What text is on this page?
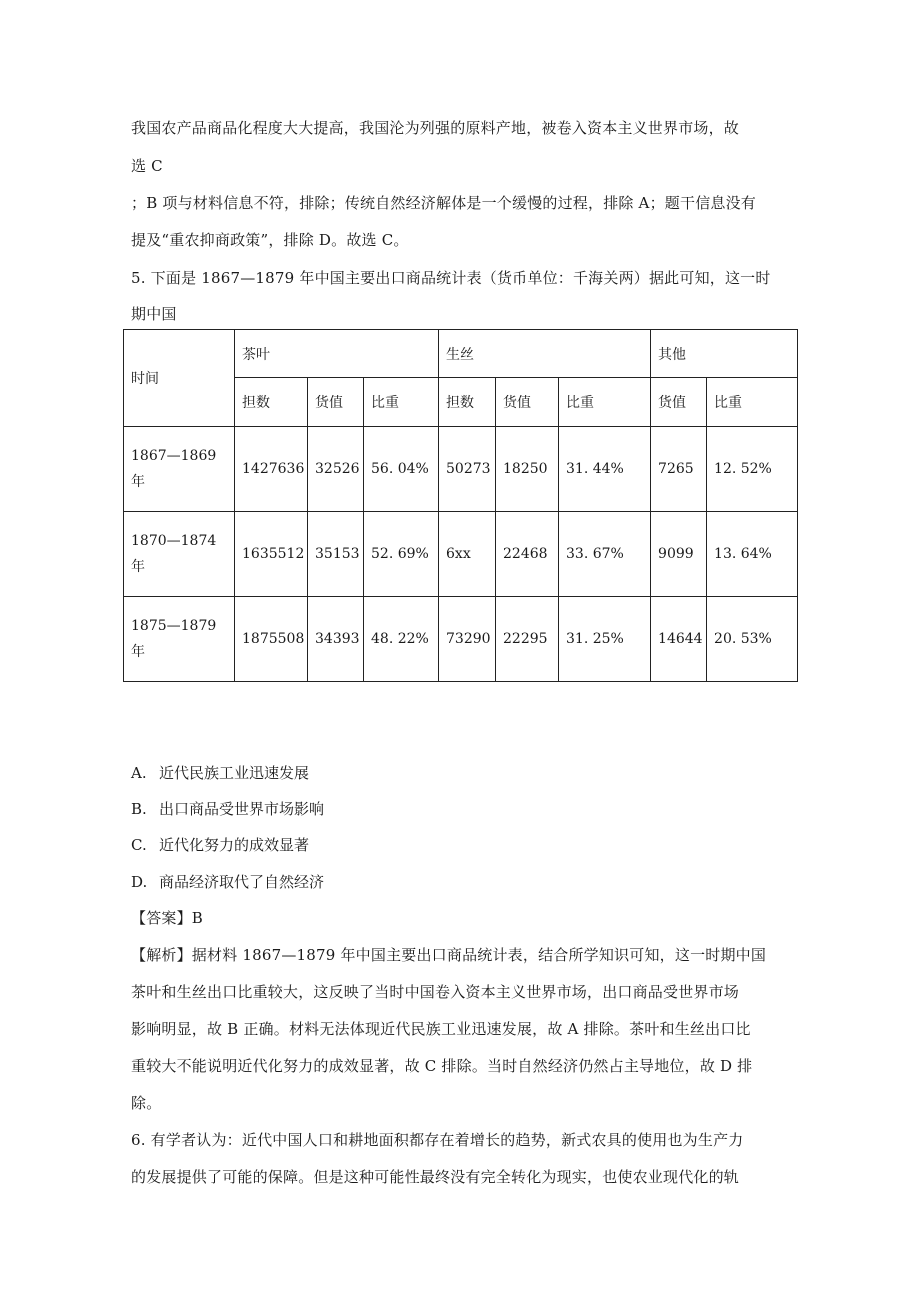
我国农产品商品化程度大大提高，我国沦为列强的原料产地，被卷入资本主义世界市场，故
选 C
；B 项与材料信息不符，排除；传统自然经济解体是一个缓慢的过程，排除 A；题干信息没有
提及“重农抑商政策”，排除 D。故选 C。
5. 下面是 1867—1879 年中国主要出口商品统计表（货币单位：千海关两）据此可知，这一时
期中国
时间	茶叶			生丝			其他	
	担数	货值	比重	担数	货值	比重	货值	比重
1867—1869 年	1427636	32526	56. 04%	50273	18250	31. 44%	7265	12. 52%
1870—1874 年	1635512	35153	52. 69%	6xx	22468	33. 67%	9099	13. 64%
1875—1879 年	1875508	34393	48. 22%	73290	22295	31. 25%	14644	20. 53%
A. 近代民族工业迅速发展
B. 出口商品受世界市场影响
C. 近代化努力的成效显著
D. 商品经济取代了自然经济
【答案】B
【解析】据材料 1867—1879 年中国主要出口商品统计表，结合所学知识可知，这一时期中国
茶叶和生丝出口比重较大，这反映了当时中国卷入资本主义世界市场，出口商品受世界市场
影响明显，故 B 正确。材料无法体现近代民族工业迅速发展，故 A 排除。茶叶和生丝出口比
重较大不能说明近代化努力的成效显著，故 C 排除。当时自然经济仍然占主导地位，故 D 排
除。
6. 有学者认为：近代中国人口和耕地面积都存在着增长的趋势，新式农具的使用也为生产力
的发展提供了可能的保障。但是这种可能性最终没有完全转化为现实，也使农业现代化的轨
